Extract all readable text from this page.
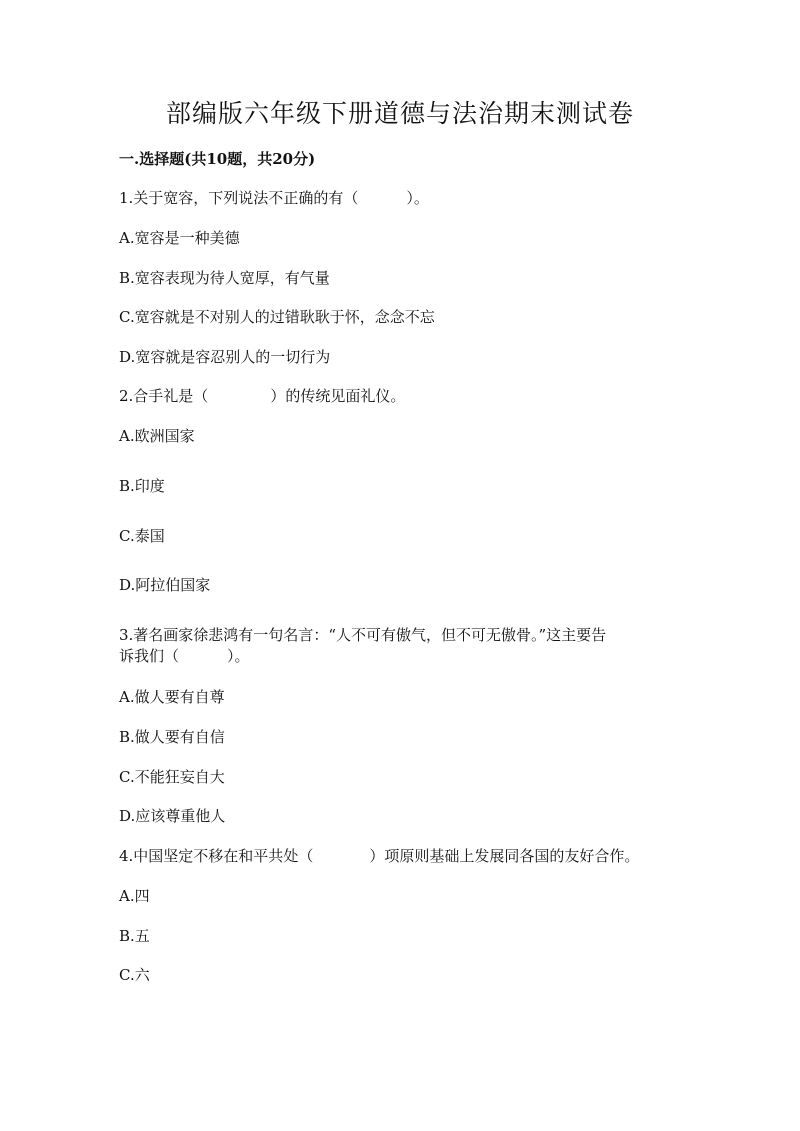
部编版六年级下册道德与法治期末测试卷
一.选择题(共10题，共20分)
1.关于宽容，下列说法不正确的有（	）。
A.宽容是一种美德
B.宽容表现为待人宽厚，有气量
C.宽容就是不对别人的过错耿耿于怀，念念不忘
D.宽容就是容忍别人的一切行为
2.合手礼是（	）的传统见面礼仪。
A.欧洲国家
B.印度
C.泰国
D.阿拉伯国家
3.著名画家徐悲鸿有一句名言：“人不可有傲气，但不可无傲骨。”这主要告
诉我们（	）。
A.做人要有自尊
B.做人要有自信
C.不能狂妄自大
D.应该尊重他人
4.中国坚定不移在和平共处（	）项原则基础上发展同各国的友好合作。
A.四
B.五
C.六
